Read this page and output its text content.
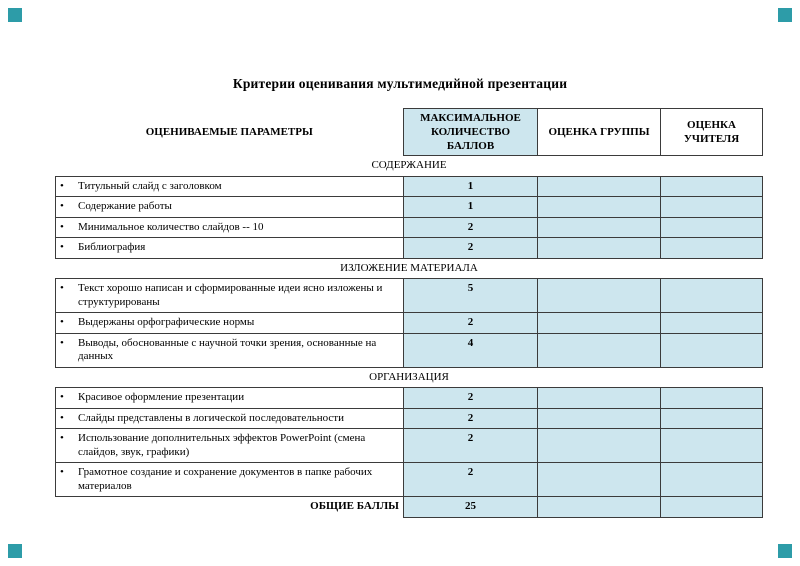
Критерии оценивания мультимедийной презентации
ОЦЕНИВАЕМЫЕ ПАРАМЕТРЫ	МАКСИМАЛЬНОЕ КОЛИЧЕСТВО БАЛЛОВ	ОЦЕНКА ГРУППЫ	ОЦЕНКА УЧИТЕЛЯ
СОДЕРЖАНИЕ			

• Титульный слайд с заголовком	1		

• Содержание работы	1		

• Минимальное количество слайдов -- 10	2		

• Библиография	2		
ИЗЛОЖЕНИЕ МАТЕРИАЛА			

• Текст хорошо написан и сформированные идеи ясно изложены и структурированы	5		

• Выдержаны орфографические нормы	2		

• Выводы, обоснованные с научной точки зрения, основанные на данных	4		
ОРГАНИЗАЦИЯ			

• Красивое оформление презентации	2		

• Слайды представлены в логической последовательности	2		

• Использование дополнительных эффектов PowerPoint (смена слайдов, звук, графики)	2		

• Грамотное создание и сохранение документов в папке рабочих материалов	2		
ОБЩИЕ БАЛЛЫ	25		
